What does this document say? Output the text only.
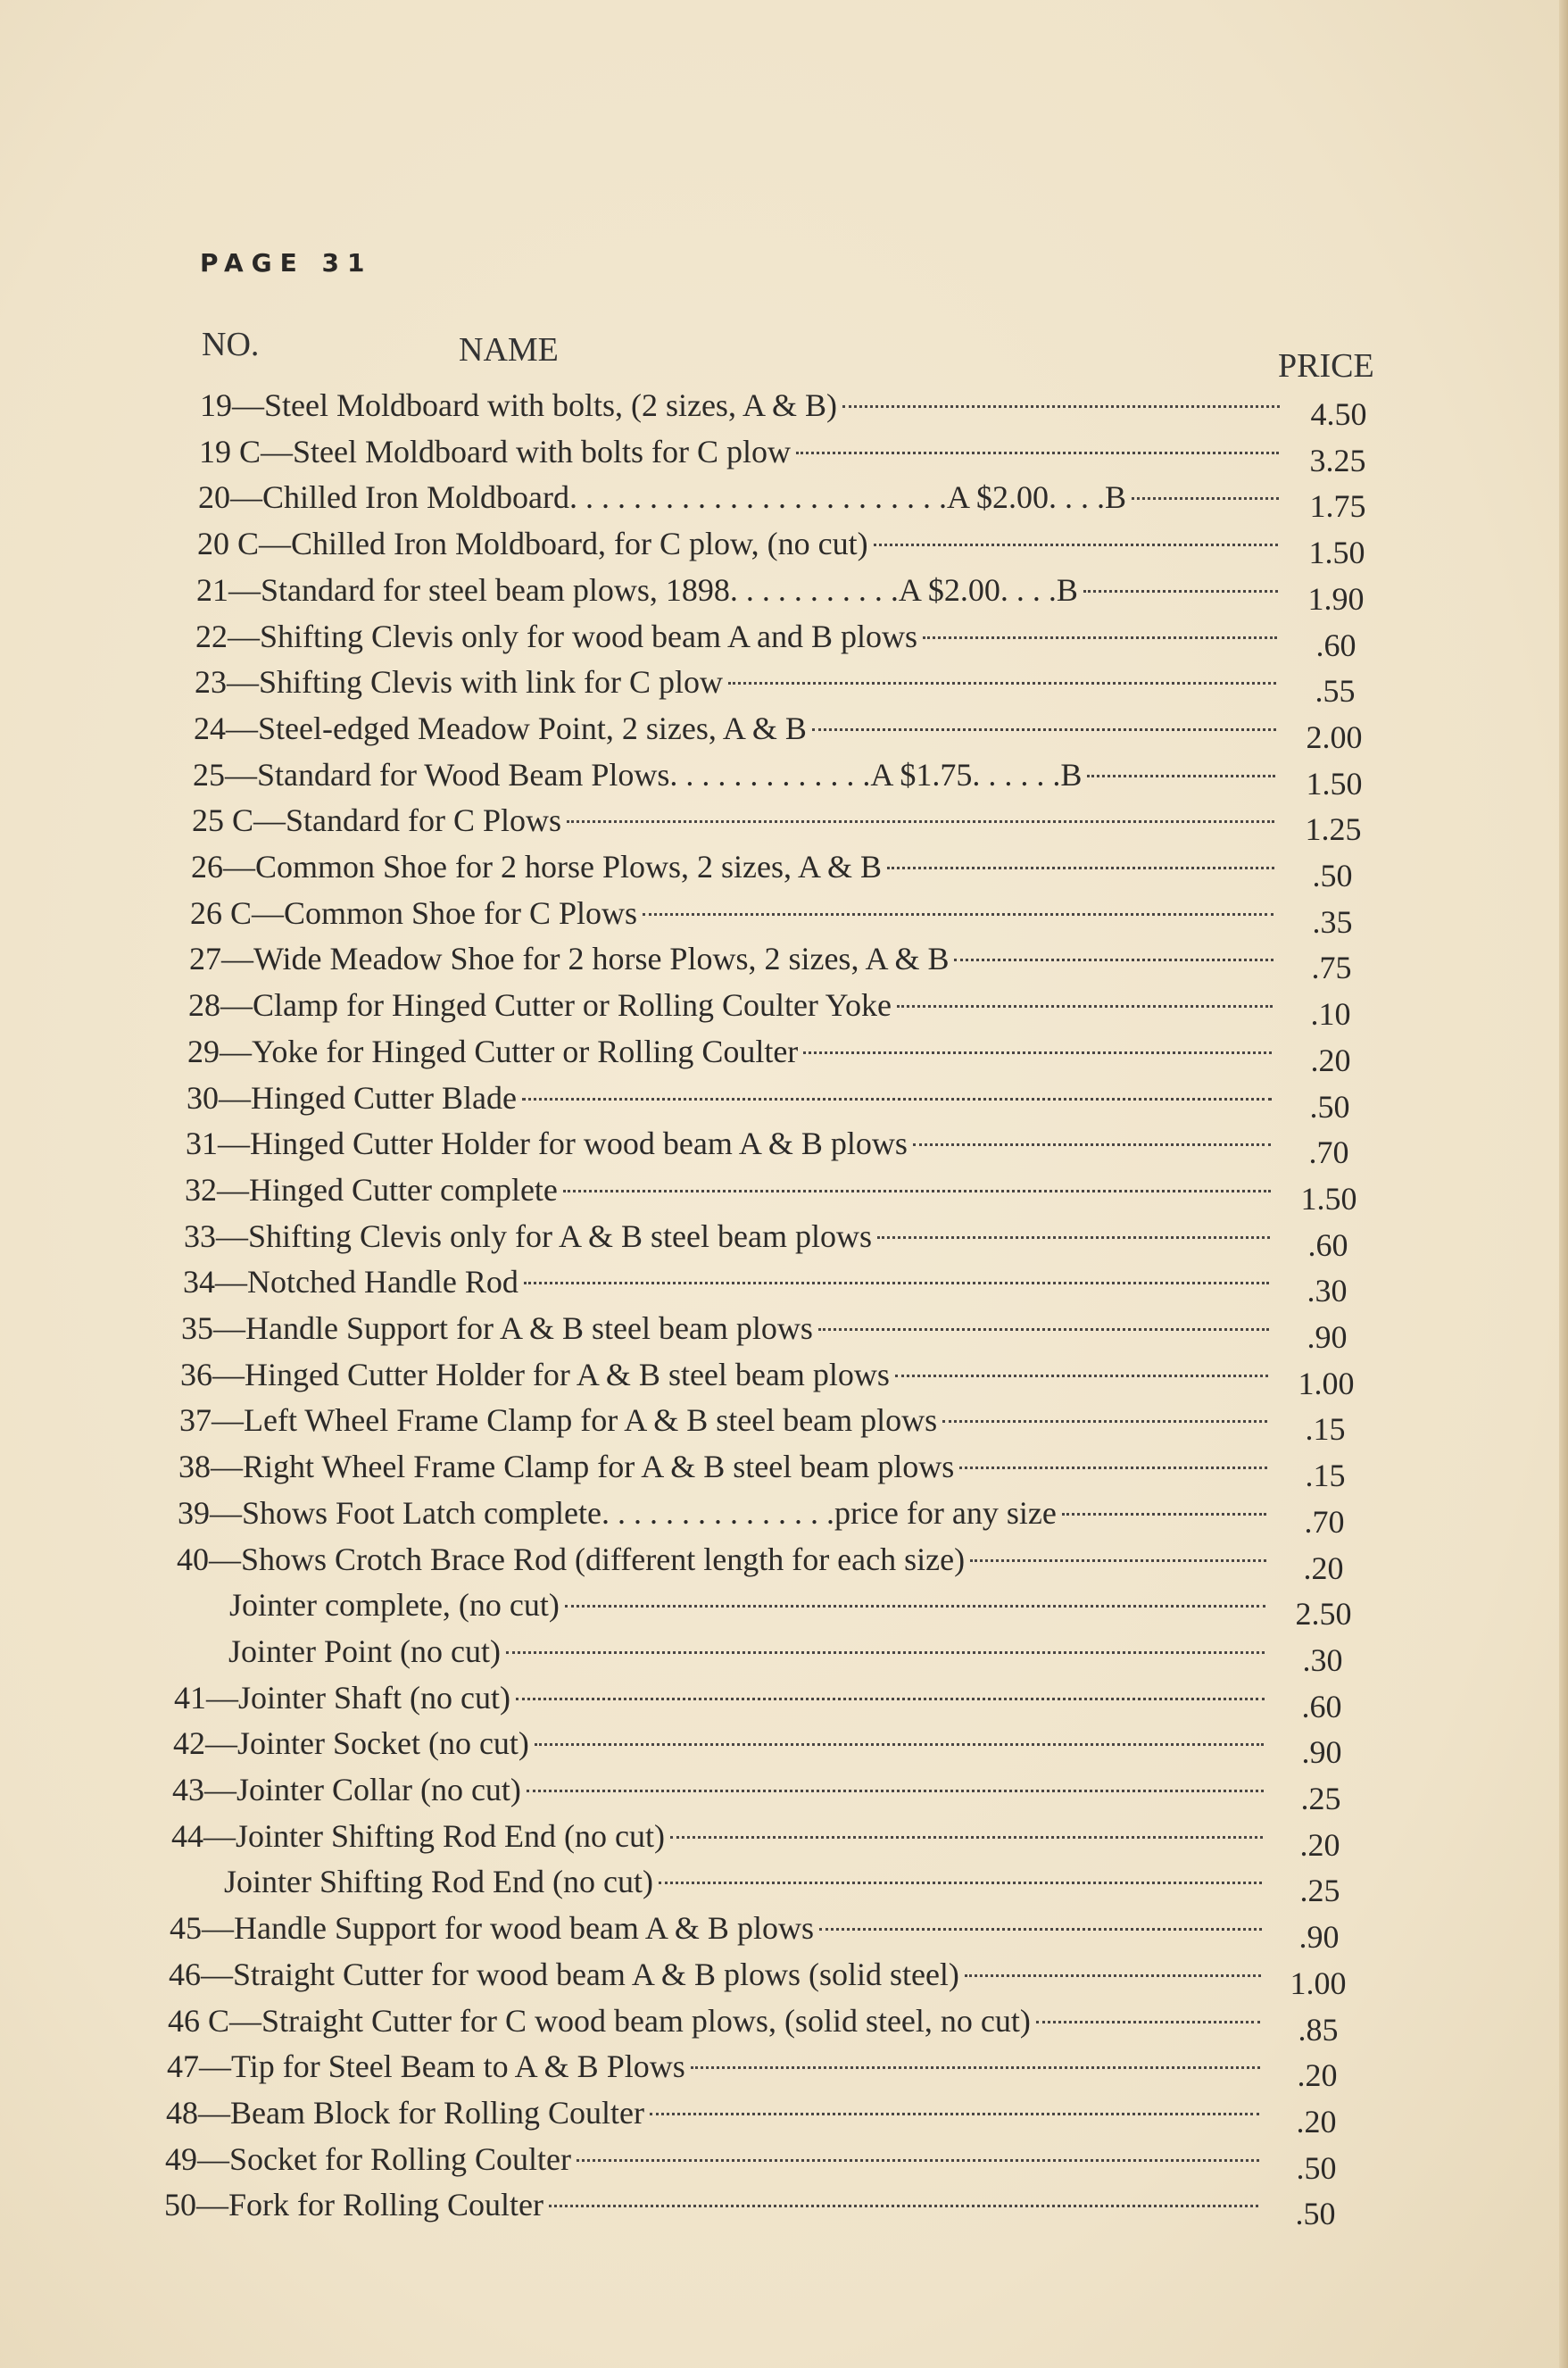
PAGE 31
NO.	NAME	PRICE
19—Steel Moldboard with bolts, (2 sizes, A & B)	4.50
19 C—Steel Moldboard with bolts for C plow	3.25
20—Chilled Iron Moldboard. . . . . . . . . . . . . . . . . . . . . . . .A $2.00. . . .B	1.75
20 C—Chilled Iron Moldboard, for C plow, (no cut)	1.50
21—Standard for steel beam plows, 1898. . . . . . . . . . .A $2.00. . . .B	1.90
22—Shifting Clevis only for wood beam A and B plows	.60
23—Shifting Clevis with link for C plow	.55
24—Steel-edged Meadow Point, 2 sizes, A & B	2.00
25—Standard for Wood Beam Plows. . . . . . . . . . . . .A $1.75. . . . . .B	1.50
25 C—Standard for C Plows	1.25
26—Common Shoe for 2 horse Plows, 2 sizes, A & B	.50
26 C—Common Shoe for C Plows	.35
27—Wide Meadow Shoe for 2 horse Plows, 2 sizes, A & B	.75
28—Clamp for Hinged Cutter or Rolling Coulter Yoke	.10
29—Yoke for Hinged Cutter or Rolling Coulter	.20
30—Hinged Cutter Blade	.50
31—Hinged Cutter Holder for wood beam A & B plows	.70
32—Hinged Cutter complete	1.50
33—Shifting Clevis only for A & B steel beam plows	.60
34—Notched Handle Rod	.30
35—Handle Support for A & B steel beam plows	.90
36—Hinged Cutter Holder for A & B steel beam plows	1.00
37—Left Wheel Frame Clamp for A & B steel beam plows	.15
38—Right Wheel Frame Clamp for A & B steel beam plows	.15
39—Shows Foot Latch complete. . . . . . . . . . . . . . .price for any size	.70
40—Shows Crotch Brace Rod (different length for each size)	.20
Jointer complete, (no cut)	2.50
Jointer Point (no cut)	.30
41—Jointer Shaft (no cut)	.60
42—Jointer Socket (no cut)	.90
43—Jointer Collar (no cut)	.25
44—Jointer Shifting Rod End (no cut)	.20
Jointer Shifting Rod End (no cut)	.25
45—Handle Support for wood beam A & B plows	.90
46—Straight Cutter for wood beam A & B plows (solid steel)	1.00
46 C—Straight Cutter for C wood beam plows, (solid steel, no cut)	.85
47—Tip for Steel Beam to A & B Plows	.20
48—Beam Block for Rolling Coulter	.20
49—Socket for Rolling Coulter	.50
50—Fork for Rolling Coulter	.50
